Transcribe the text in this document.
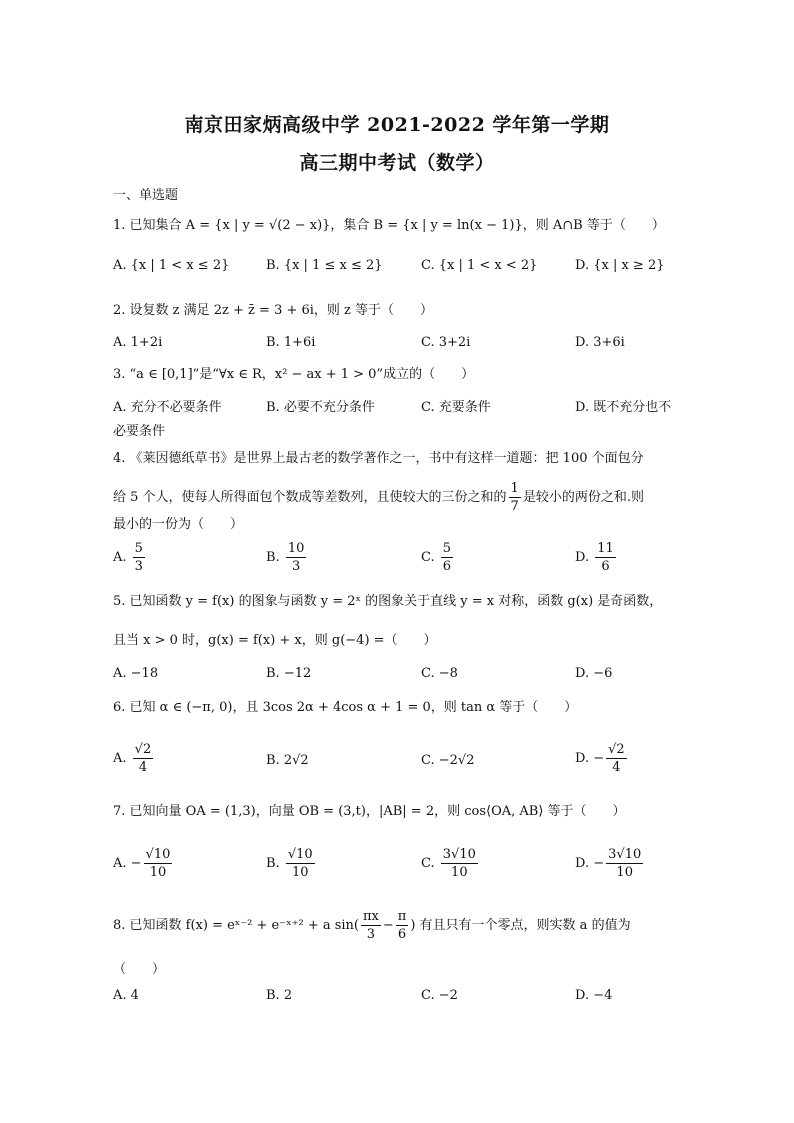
南京田家炳高级中学 2021-2022 学年第一学期
高三期中考试（数学）
一、单选题
1. 已知集合 A = {x | y = √(2 − x)}，集合 B = {x | y = ln(x − 1)}，则 A∩B 等于（　　）
A. {x | 1 < x ≤ 2}	B. {x | 1 ≤ x ≤ 2}	C. {x | 1 < x < 2}	D. {x | x ≥ 2}
2. 设复数 z 满足 2z + z̄ = 3 + 6i，则 z 等于（　　）
A. 1+2i	B. 1+6i	C. 3+2i	D. 3+6i
3. “a ∈ [0,1]”是“∀x ∈ R，x² − ax + 1 > 0”成立的（　　）
A. 充分不必要条件	B. 必要不充分条件	C. 充要条件	D. 既不充分也不
必要条件
4. 《莱因德纸草书》是世界上最古老的数学著作之一，书中有这样一道题：把 100 个面包分
给 5 个人，使每人所得面包个数成等差数列，且使较大的三份之和的 $\frac{1}{7}$ 是较小的两份之和.则
最小的一份为（　　）
A. $\frac{5}{3}$	B. $\frac{10}{3}$	C. $\frac{5}{6}$	D. $\frac{11}{6}$
5. 已知函数 y = f(x) 的图象与函数 y = 2ˣ 的图象关于直线 y = x 对称，函数 g(x) 是奇函数，
且当 x > 0 时，g(x) = f(x) + x，则 g(−4) =（　　）
A. −18	B. −12	C. −8	D. −6
6. 已知 α ∈ (−π, 0)，且 3cos 2α + 4cos α + 1 = 0，则 tan α 等于（　　）
A. $\frac{√2}{4}$	B. 2√2	C. −2√2	D. − $\frac{√2}{4}$
7. 已知向量 OA = (1,3)，向量 OB = (3,t)，|AB| = 2，则 cos⟨OA, AB⟩ 等于（　　）
A. − $\frac{√10}{10}$	B. $\frac{√10}{10}$	C. $\frac{3√10}{10}$	D. − $\frac{3√10}{10}$
8. 已知函数 f(x) = eˣ⁻² + e⁻ˣ⁺² + a $\sin( \frac{\pi x}{3} - \frac{\pi}{6}$ ) 有且只有一个零点，则实数 a 的值为
（　　）
A. 4	B. 2	C. −2	D. −4
